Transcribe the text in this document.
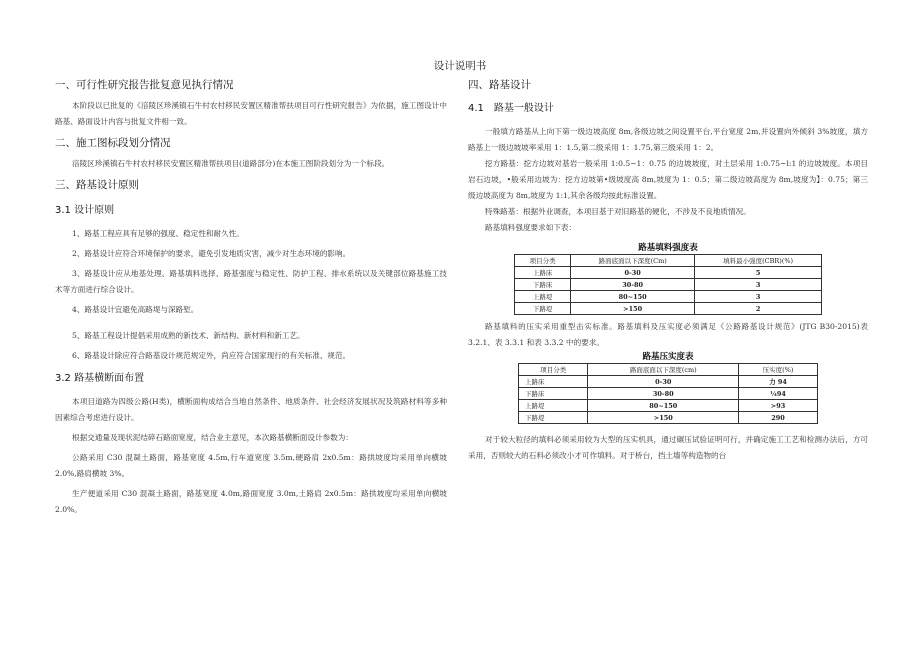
设计说明书

一、可行性研究报告批复意见执行情况

本阶段以已批复的《涪陵区珍溪镇石牛村农村移民安置区精准帮扶项目可行性研究报告》为依据，施工图设计中路基、路面设计内容与批复文件相一致。

二、施工图标段划分情况

涪陵区珍溪镇石牛村农村移民安置区精准帮扶项目(道路部分)在本施工图阶段划分为一个标段。

三、路基设计原则

3.1 设计原则

1、路基工程应具有足够的强度、稳定性和耐久性。

2、路基设计应符合环境保护的要求，避免引发地质灾害，减少对生态环境的影响。

3、路基设计应从地基处理、路基填料选择、路基强度与稳定性、防护工程、排水系统以及关键部位路基施工技术等方面进行综合设计。

4、路基设计宜避免高路堤与深路堑。

5、路基工程设计提倡采用成熟的新技术、新结构、新材料和新工艺。

6、路基设计除应符合路基设计规范规定外，尚应符合国家现行的有关标准、规范。

3.2 路基横断面布置

本项目道路为四级公路(H类)，横断面构成结合当地自然条件、地质条件、社会经济发展状况及筑路材料等多种因素综合考虑进行设计。

根据交通量及现状泥结碎石路面宽度，结合业主意见，本次路基横断面设计参数为：

公路采用 C30 混凝土路面，路基宽度 4.5m,行车道宽度 3.5m,硬路肩 2x0.5m：路拱坡度均采用单向横坡 2.0%,路肩横坡 3%。

生产便道采用 C30 混凝土路面，路基宽度 4.0m,路面宽度 3.0m,土路肩 2x0.5m：路拱坡度均采用单向横坡 2.0%。

四、路基设计

4.1　路基一般设计

一般填方路基从上向下第一级边坡高度 8m,各级边坡之间设置平台,平台宽度 2m,并设置向外倾斜 3%坡度，填方路基上一级边坡坡率采用 1：1.5,第二级采用 1：1.75,第三级采用 1：2。

挖方路基：挖方边坡对基岩一般采用 1:0.5~1：0.75 的边坡坡度，对土层采用 1:0.75~l:1 的边坡坡度。本项目岩石边坡，•般采用边坡为：挖方边坡第•级坡度高 8m,坡度为 1：0.5；第二级边坡高度为 8m,坡度为】：0.75；第三级边坡高度为 8m,坡度为 1:1,其余各级均按此标准设置。

特殊路基：根据外业调查，本项目基于对旧路基的硬化，不涉及不良地质情况。

路基填料强度要求如下表：

路基填料强度表

项目分类	路面底面以下深度(Cm)	填料最小强度(CBR)(%)
上路床	0-30	5
下路床	30-80	3
上路堤	80~150	3
下路堤	>150	2

路基填料的压实采用重型击实标准。路基填料及压实度必须满足《公路路基设计规范》(JTG B30-2015)表 3.2.1、表 3.3.1 和表 3.3.2 中的要求。

路基压实度表

项目分类	路面底面以下深度(cm)	压实度(%)
上路床	0-30	力 94
下路床	30-80	¼94
上路堤	80~150	>93
下路堤	>150	290

对于较大粒径的填料必须采用较为大型的压实机具，通过碾压试验证明可行，并确定施工工艺和检测办法后，方可采用，否则较大的石料必须改小才可作填料。对于桥台，挡土墙等构造物的台
